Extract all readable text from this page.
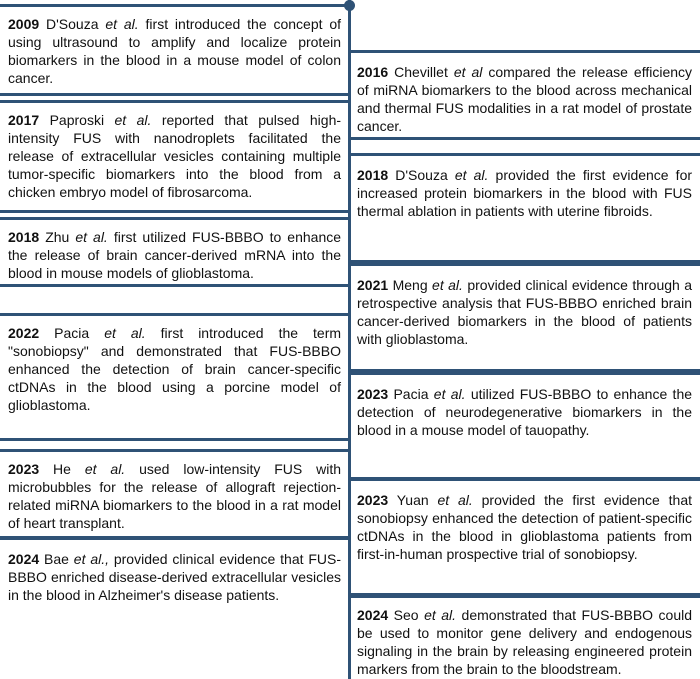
2009 D'Souza et al. first introduced the concept of using ultrasound to amplify and localize protein biomarkers in the blood in a mouse model of colon cancer.
2017 Paproski et al. reported that pulsed high-intensity FUS with nanodroplets facilitated the release of extracellular vesicles containing multiple tumor-specific biomarkers into the blood from a chicken embryo model of fibrosarcoma.
2018 Zhu et al. first utilized FUS-BBBO to enhance the release of brain cancer-derived mRNA into the blood in mouse models of glioblastoma.
2022 Pacia et al. first introduced the term "sonobiopsy" and demonstrated that FUS-BBBO enhanced the detection of brain cancer-specific ctDNAs in the blood using a porcine model of glioblastoma.
2023 He et al. used low-intensity FUS with microbubbles for the release of allograft rejection-related miRNA biomarkers to the blood in a rat model of heart transplant.
2024 Bae et al., provided clinical evidence that FUS-BBBO enriched disease-derived extracellular vesicles in the blood in Alzheimer's disease patients.
2016 Chevillet et al compared the release efficiency of miRNA biomarkers to the blood across mechanical and thermal FUS modalities in a rat model of prostate cancer.
2018 D'Souza et al. provided the first evidence for increased protein biomarkers in the blood with FUS thermal ablation in patients with uterine fibroids.
2021 Meng et al. provided clinical evidence through a retrospective analysis that FUS-BBBO enriched brain cancer-derived biomarkers in the blood of patients with glioblastoma.
2023 Pacia et al. utilized FUS-BBBO to enhance the detection of neurodegenerative biomarkers in the blood in a mouse model of tauopathy.
2023 Yuan et al. provided the first evidence that sonobiopsy enhanced the detection of patient-specific ctDNAs in the blood in glioblastoma patients from first-in-human prospective trial of sonobiopsy.
2024 Seo et al. demonstrated that FUS-BBBO could be used to monitor gene delivery and endogenous signaling in the brain by releasing engineered protein markers from the brain to the bloodstream.
